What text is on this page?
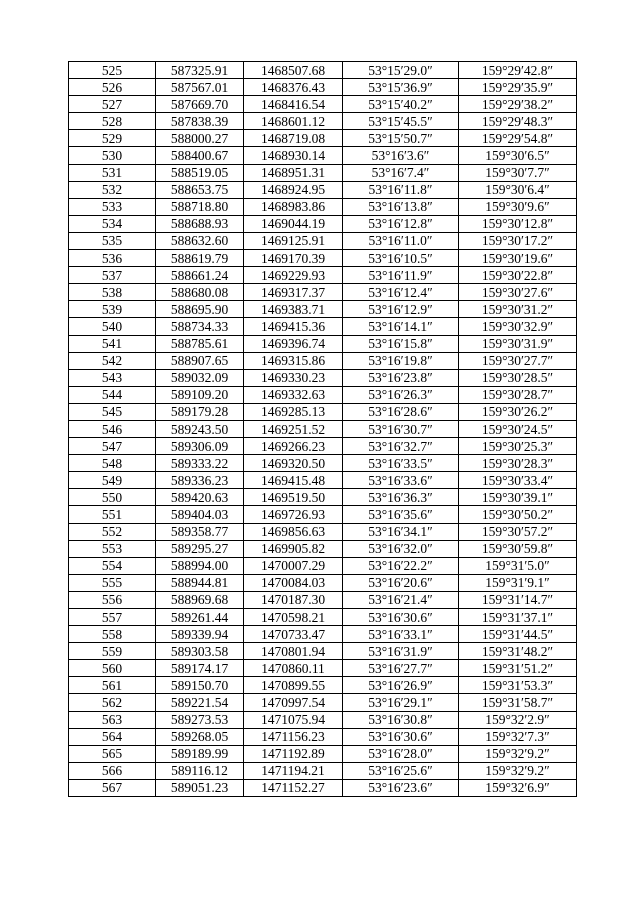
525	587325.91	1468507.68	53°15′29.0″	159°29′42.8″
526	587567.01	1468376.43	53°15′36.9″	159°29′35.9″
527	587669.70	1468416.54	53°15′40.2″	159°29′38.2″
528	587838.39	1468601.12	53°15′45.5″	159°29′48.3″
529	588000.27	1468719.08	53°15′50.7″	159°29′54.8″
530	588400.67	1468930.14	53°16′3.6″	159°30′6.5″
531	588519.05	1468951.31	53°16′7.4″	159°30′7.7″
532	588653.75	1468924.95	53°16′11.8″	159°30′6.4″
533	588718.80	1468983.86	53°16′13.8″	159°30′9.6″
534	588688.93	1469044.19	53°16′12.8″	159°30′12.8″
535	588632.60	1469125.91	53°16′11.0″	159°30′17.2″
536	588619.79	1469170.39	53°16′10.5″	159°30′19.6″
537	588661.24	1469229.93	53°16′11.9″	159°30′22.8″
538	588680.08	1469317.37	53°16′12.4″	159°30′27.6″
539	588695.90	1469383.71	53°16′12.9″	159°30′31.2″
540	588734.33	1469415.36	53°16′14.1″	159°30′32.9″
541	588785.61	1469396.74	53°16′15.8″	159°30′31.9″
542	588907.65	1469315.86	53°16′19.8″	159°30′27.7″
543	589032.09	1469330.23	53°16′23.8″	159°30′28.5″
544	589109.20	1469332.63	53°16′26.3″	159°30′28.7″
545	589179.28	1469285.13	53°16′28.6″	159°30′26.2″
546	589243.50	1469251.52	53°16′30.7″	159°30′24.5″
547	589306.09	1469266.23	53°16′32.7″	159°30′25.3″
548	589333.22	1469320.50	53°16′33.5″	159°30′28.3″
549	589336.23	1469415.48	53°16′33.6″	159°30′33.4″
550	589420.63	1469519.50	53°16′36.3″	159°30′39.1″
551	589404.03	1469726.93	53°16′35.6″	159°30′50.2″
552	589358.77	1469856.63	53°16′34.1″	159°30′57.2″
553	589295.27	1469905.82	53°16′32.0″	159°30′59.8″
554	588994.00	1470007.29	53°16′22.2″	159°31′5.0″
555	588944.81	1470084.03	53°16′20.6″	159°31′9.1″
556	588969.68	1470187.30	53°16′21.4″	159°31′14.7″
557	589261.44	1470598.21	53°16′30.6″	159°31′37.1″
558	589339.94	1470733.47	53°16′33.1″	159°31′44.5″
559	589303.58	1470801.94	53°16′31.9″	159°31′48.2″
560	589174.17	1470860.11	53°16′27.7″	159°31′51.2″
561	589150.70	1470899.55	53°16′26.9″	159°31′53.3″
562	589221.54	1470997.54	53°16′29.1″	159°31′58.7″
563	589273.53	1471075.94	53°16′30.8″	159°32′2.9″
564	589268.05	1471156.23	53°16′30.6″	159°32′7.3″
565	589189.99	1471192.89	53°16′28.0″	159°32′9.2″
566	589116.12	1471194.21	53°16′25.6″	159°32′9.2″
567	589051.23	1471152.27	53°16′23.6″	159°32′6.9″
